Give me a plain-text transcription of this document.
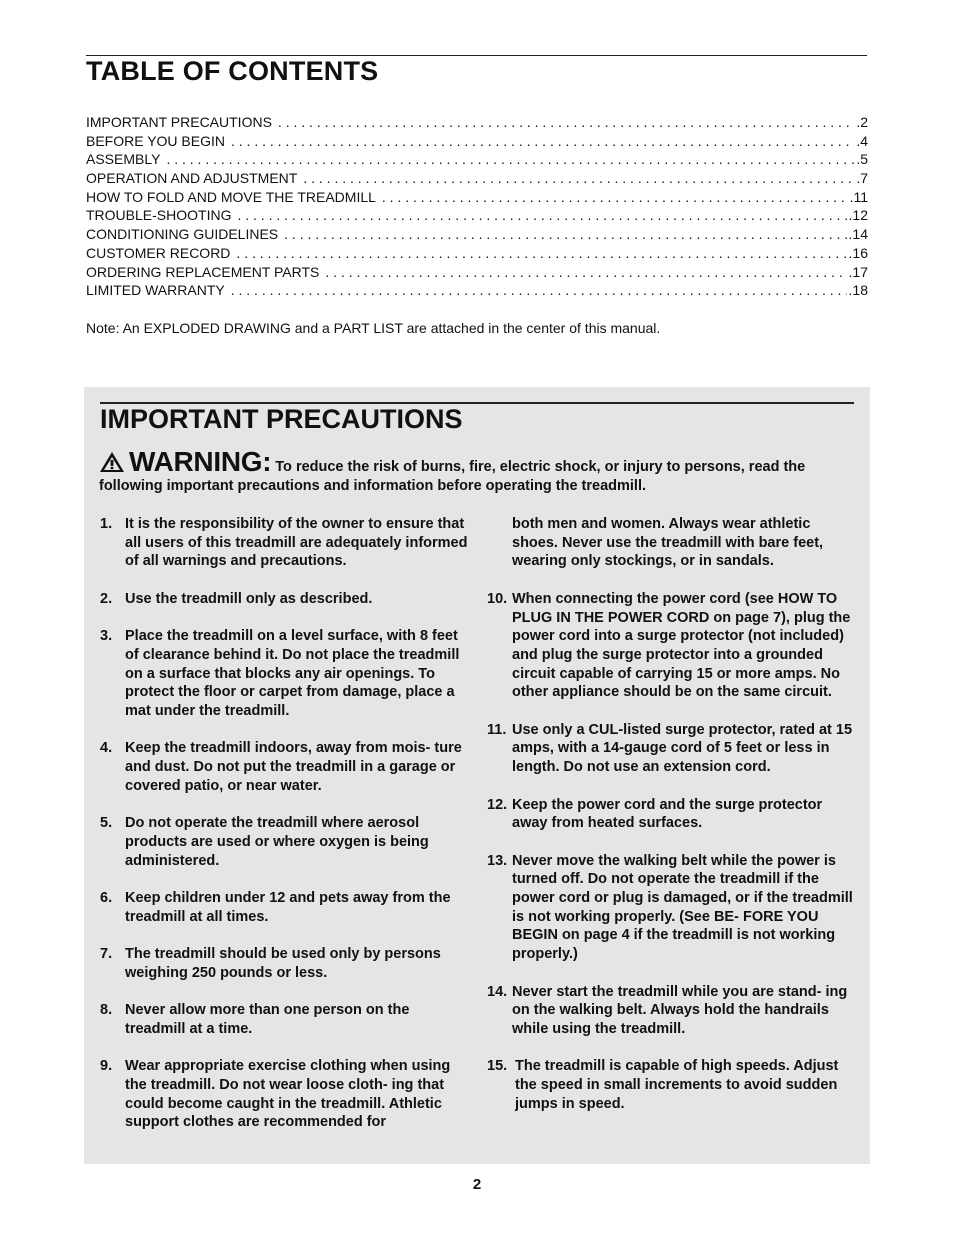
TABLE OF CONTENTS
IMPORTANT PRECAUTIONS . . .	.2
BEFORE YOU BEGIN . . .	.4
ASSEMBLY . . .	.5
OPERATION AND ADJUSTMENT . . .	.7
HOW TO FOLD AND MOVE THE TREADMILL . . .	.11
TROUBLE-SHOOTING . . .	.12
CONDITIONING GUIDELINES . . .	.14
CUSTOMER RECORD . . .	.16
ORDERING REPLACEMENT PARTS . . .	.17
LIMITED WARRANTY . . .	.18
Note: An EXPLODED DRAWING and a PART LIST are attached in the center of this manual.
IMPORTANT PRECAUTIONS
WARNING: To reduce the risk of burns, fire, electric shock, or injury to persons, read the following important precautions and information before operating the treadmill.
1. It is the responsibility of the owner to ensure that all users of this treadmill are adequately informed of all warnings and precautions.
2. Use the treadmill only as described.
3. Place the treadmill on a level surface, with 8 feet of clearance behind it. Do not place the treadmill on a surface that blocks any air openings. To protect the floor or carpet from damage, place a mat under the treadmill.
4. Keep the treadmill indoors, away from mois- ture and dust. Do not put the treadmill in a garage or covered patio, or near water.
5. Do not operate the treadmill where aerosol products are used or where oxygen is being administered.
6. Keep children under 12 and pets away from the treadmill at all times.
7. The treadmill should be used only by persons weighing 250 pounds or less.
8. Never allow more than one person on the treadmill at a time.
9. Wear appropriate exercise clothing when using the treadmill. Do not wear loose cloth- ing that could become caught in the treadmill. Athletic support clothes are recommended for
both men and women. Always wear athletic shoes. Never use the treadmill with bare feet, wearing only stockings, or in sandals.
10. When connecting the power cord (see HOW TO PLUG IN THE POWER CORD on page 7), plug the power cord into a surge protector (not included) and plug the surge protector into a grounded circuit capable of carrying 15 or more amps. No other appliance should be on the same circuit.
11. Use only a CUL-listed surge protector, rated at 15 amps, with a 14-gauge cord of 5 feet or less in length. Do not use an extension cord.
12. Keep the power cord and the surge protector away from heated surfaces.
13. Never move the walking belt while the power is turned off. Do not operate the treadmill if the power cord or plug is damaged, or if the treadmill is not working properly. (See BE- FORE YOU BEGIN on page 4 if the treadmill is not working properly.)
14. Never start the treadmill while you are stand- ing on the walking belt. Always hold the handrails while using the treadmill.
15. The treadmill is capable of high speeds. Adjust the speed in small increments to avoid sudden jumps in speed.
2
